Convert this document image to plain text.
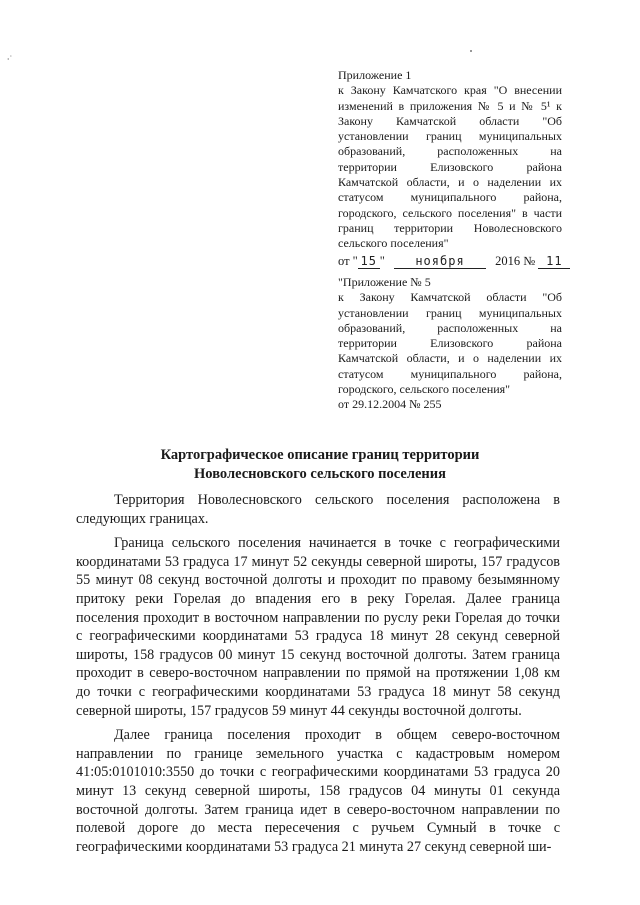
⸱˙
Приложение 1
к Закону Камчатского края "О внесении изменений в приложения № 5 и № 5¹ к Закону Камчатской области "Об установлении границ муниципальных образований, расположенных на территории Елизовского района Камчатской области, и о наделении их статусом муниципального района, городского, сельского поселения" в части границ территории Новолесновского сельского поселения"
от " 15 "	ноября 2016 № 11
"Приложение № 5
к Закону Камчатской области "Об установлении границ муниципальных образований, расположенных на территории Елизовского района Камчатской области, и о наделении их статусом муниципального района, городского, сельского поселения"
от 29.12.2004 № 255
Картографическое описание границ территории
Новолесновского сельского поселения

Территория Новолесновского сельского поселения расположена в следующих границах.

Граница сельского поселения начинается в точке с географическими координатами 53 градуса 17 минут 52 секунды северной широты, 157 градусов 55 минут 08 секунд восточной долготы и проходит по правому безымянному притоку реки Горелая до впадения его в реку Горелая. Далее граница поселения проходит в восточном направлении по руслу реки Горелая до точки с географическими координатами 53 градуса 18 минут 28 секунд северной широты, 158 градусов 00 минут 15 секунд восточной долготы. Затем граница проходит в северо-восточном направлении по прямой на протяжении 1,08 км до точки с географическими координатами 53 градуса 18 минут 58 секунд северной широты, 157 градусов 59 минут 44 секунды восточной долготы.

Далее граница поселения проходит в общем северо-восточном направлении по границе земельного участка с кадастровым номером 41:05:0101010:3550 до точки с географическими координатами 53 градуса 20 минут 13 секунд северной широты, 158 градусов 04 минуты 01 секунда восточной долготы. Затем граница идет в северо-восточном направлении по полевой дороге до места пересечения с ручьем Сумный в точке с географическими координатами 53 градуса 21 минута 27 секунд северной ши-
